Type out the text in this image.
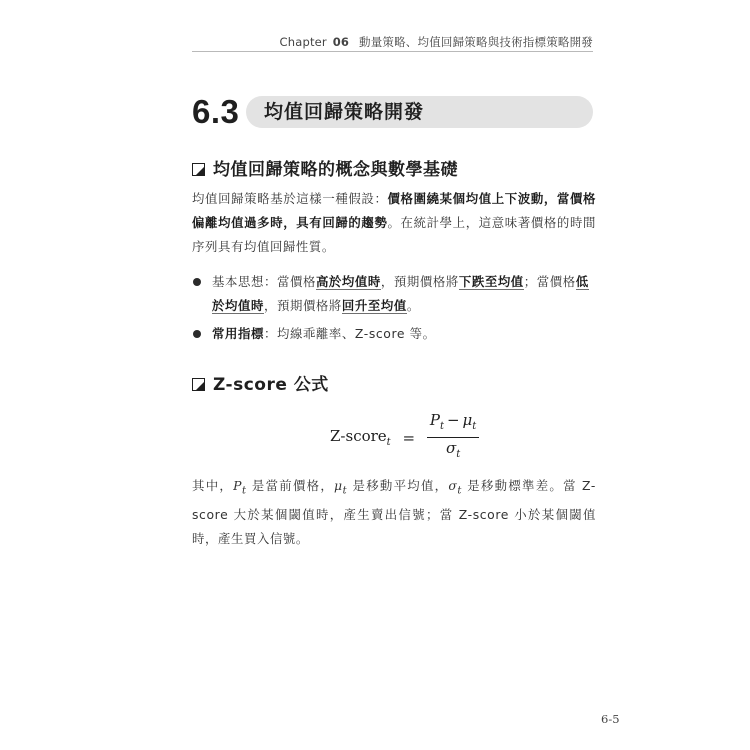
Chapter 06 動量策略、均值回歸策略與技術指標策略開發
6.3 均值回歸策略開發
均值回歸策略的概念與數學基礎
均值回歸策略基於這樣一種假設：價格圍繞某個均值上下波動，當價格偏離均值過多時，具有回歸的趨勢。在統計學上，這意味著價格的時間序列具有均值回歸性質。
基本思想：當價格高於均值時，預期價格將下跌至均值；當價格低於均值時，預期價格將回升至均值。
常用指標：均線乖離率、Z-score 等。
Z-score 公式
Z-score$_t$ = $\frac{P_t - \mu_t}{\sigma_t}$
其中，$P_t$ 是當前價格，$\mu_t$ 是移動平均值，$\sigma_t$ 是移動標準差。當 Z-score 大於某個閾值時，產生賣出信號；當 Z-score 小於某個閾值時，產生買入信號。
6-5
